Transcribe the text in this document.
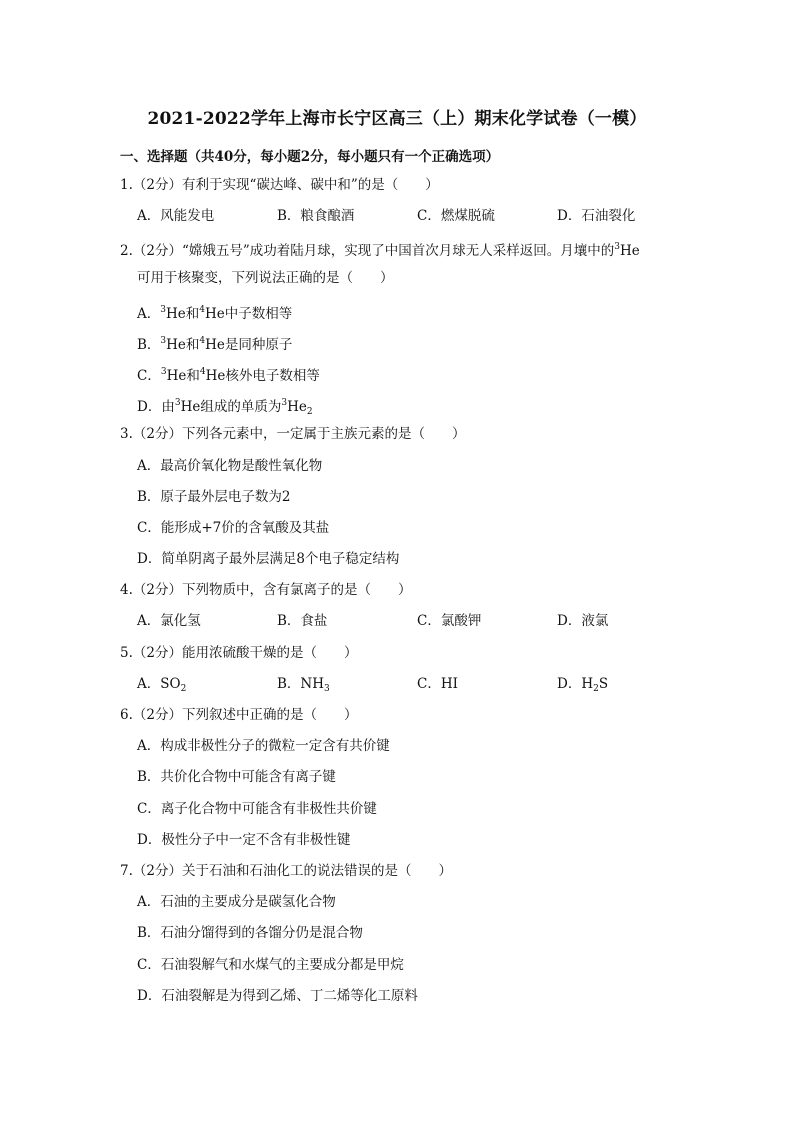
2021-2022学年上海市长宁区高三（上）期末化学试卷（一模）
一、选择题（共40分，每小题2分，每小题只有一个正确选项）
1.（2分）有利于实现“碳达峰、碳中和”的是（　　）
A．风能发电	B．粮食酿酒	C．燃煤脱硫	D．石油裂化
2.（2分）“嫦娥五号”成功着陆月球，实现了中国首次月球无人采样返回。月壤中的$^3$He
可用于核聚变，下列说法正确的是（　　）
A．$^3$He和$^4$He中子数相等
B．$^3$He和$^4$He是同种原子
C．$^3$He和$^4$He核外电子数相等
D．由$^3$He组成的单质为$^3He_2$
3.（2分）下列各元素中，一定属于主族元素的是（　　）
A．最高价氧化物是酸性氧化物
B．原子最外层电子数为2
C．能形成+7价的含氧酸及其盐
D．简单阴离子最外层满足8个电子稳定结构
4.（2分）下列物质中，含有氯离子的是（　　）
A．氯化氢	B．食盐	C．氯酸钾	D．液氯
5.（2分）能用浓硫酸干燥的是（　　）
A．$SO_2$	B．$NH_3$	C．HI	D．$H_2S$
6.（2分）下列叙述中正确的是（　　）
A．构成非极性分子的微粒一定含有共价键
B．共价化合物中可能含有离子键
C．离子化合物中可能含有非极性共价键
D．极性分子中一定不含有非极性键
7.（2分）关于石油和石油化工的说法错误的是（　　）
A．石油的主要成分是碳氢化合物
B．石油分馏得到的各馏分仍是混合物
C．石油裂解气和水煤气的主要成分都是甲烷
D．石油裂解是为得到乙烯、丁二烯等化工原料
